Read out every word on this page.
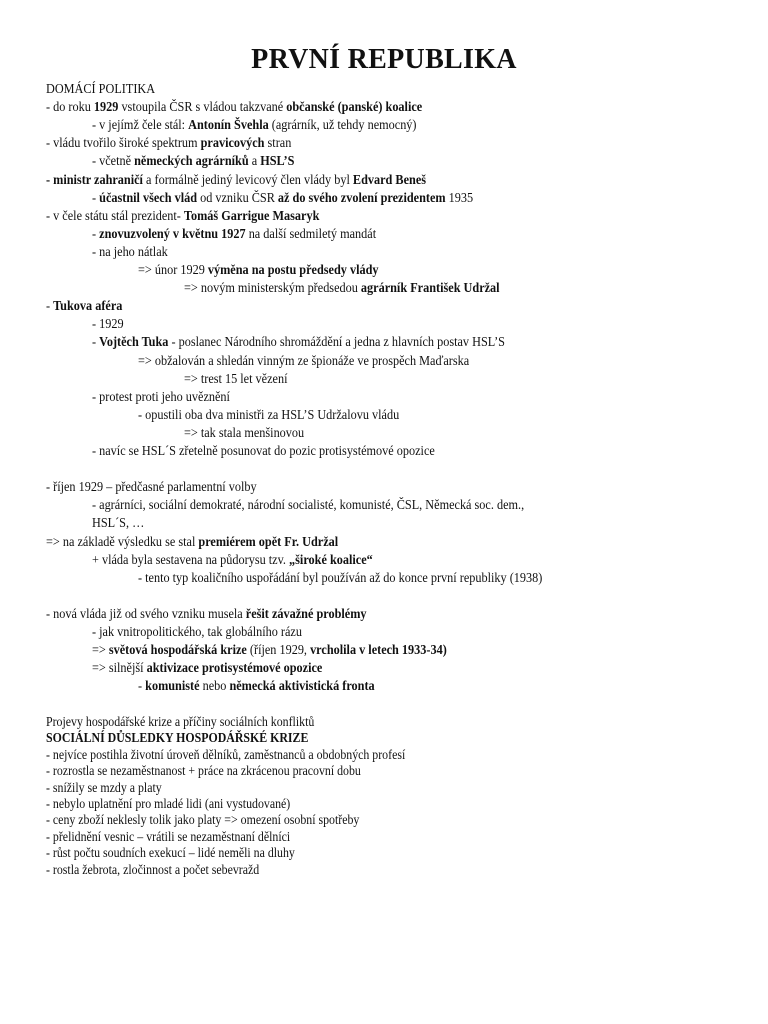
PRVNÍ REPUBLIKA
DOMÁCÍ POLITIKA
- do roku 1929 vstoupila ČSR s vládou takzvané občanské (panské) koalice
- v jejímž čele stál: Antonín Švehla (agrárník, už tehdy nemocný)
- vládu tvořilo široké spektrum pravicových stran
- včetně německých agrárníků a HSL’S
- ministr zahraničí a formálně jediný levicový člen vlády byl Edvard Beneš
- účastnil všech vlád od vzniku ČSR až do svého zvolení prezidentem 1935
- v čele státu stál prezident- Tomáš Garrigue Masaryk
- znovuzvolený v květnu 1927 na další sedmiletý mandát
- na jeho nátlak
=> únor 1929 výměna na postu předsedy vlády
=> novým ministerským předsedou agrárník František Udržal
- Tukova aféra
- 1929
- Vojtěch Tuka - poslanec Národního shromáždění a jedna z hlavních postav HSL’S
=> obžalován a shledán vinným ze špionáže ve prospěch Maďarska
=> trest 15 let vězení
- protest proti jeho uvěznění
- opustili oba dva ministři za HSL’S Udržalovu vládu
=> tak stala menšinovou
- navíc se HSL´S zřetelně posunovat do pozic protisystémové opozice
- říjen 1929 – předčasné parlamentní volby
- agrárníci, sociální demokraté, národní socialisté, komunisté, ČSL, Německá soc. dem.,
HSL´S, …
=> na základě výsledku se stal premiérem opět Fr. Udržal
+ vláda byla sestavena na půdorysu tzv. „široké koalice“
- tento typ koaličního uspořádání byl používán až do konce první republiky (1938)
- nová vláda již od svého vzniku musela řešit závažné problémy
- jak vnitropolitického, tak globálního rázu
=> světová hospodářská krize (říjen 1929, vrcholila v letech 1933-34)
=> silnější aktivizace protisystémové opozice
- komunisté nebo německá aktivistická fronta
Projevy hospodářské krize a příčiny sociálních konfliktů
SOCIÁLNÍ DŮSLEDKY HOSPODÁŘSKÉ KRIZE
- nejvíce postihla životní úroveň dělníků, zaměstnanců a obdobných profesí
- rozrostla se nezaměstnanost + práce na zkrácenou pracovní dobu
- snížily se mzdy a platy
- nebylo uplatnění pro mladé lidi (ani vystudované)
- ceny zboží neklesly tolik jako platy => omezení osobní spotřeby
- přelidnění vesnic – vrátili se nezaměstnaní dělníci
- růst počtu soudních exekucí – lidé neměli na dluhy
- rostla žebrota, zločinnost a počet sebevražd
